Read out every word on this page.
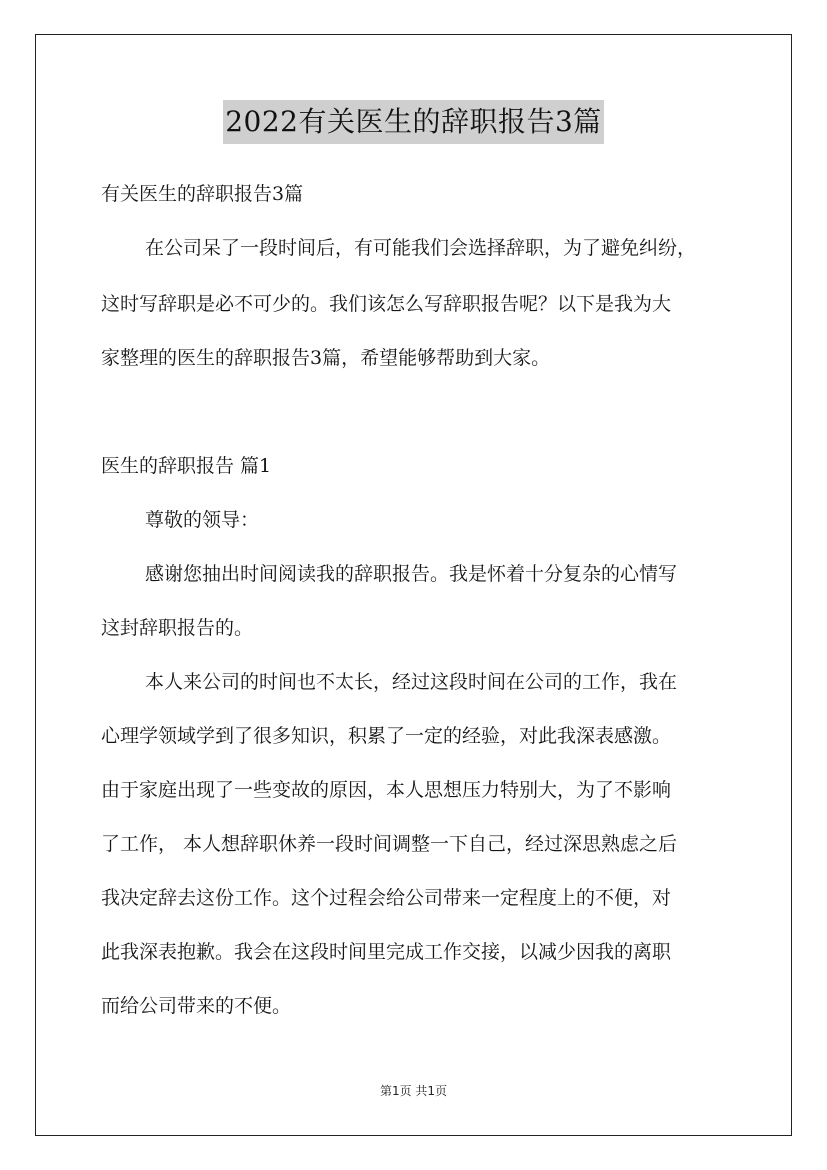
2022有关医生的辞职报告3篇
有关医生的辞职报告3篇
在公司呆了一段时间后，有可能我们会选择辞职，为了避免纠纷，
这时写辞职是必不可少的。我们该怎么写辞职报告呢？以下是我为大
家整理的医生的辞职报告3篇，希望能够帮助到大家。
医生的辞职报告 篇1
尊敬的领导：
感谢您抽出时间阅读我的辞职报告。我是怀着十分复杂的心情写
这封辞职报告的。
本人来公司的时间也不太长，经过这段时间在公司的工作，我在
心理学领域学到了很多知识，积累了一定的经验，对此我深表感激。
由于家庭出现了一些变故的原因，本人思想压力特别大，为了不影响
了工作， 本人想辞职休养一段时间调整一下自己，经过深思熟虑之后
我决定辞去这份工作。这个过程会给公司带来一定程度上的不便，对
此我深表抱歉。我会在这段时间里完成工作交接，以减少因我的离职
而给公司带来的不便。
第1页 共1页
